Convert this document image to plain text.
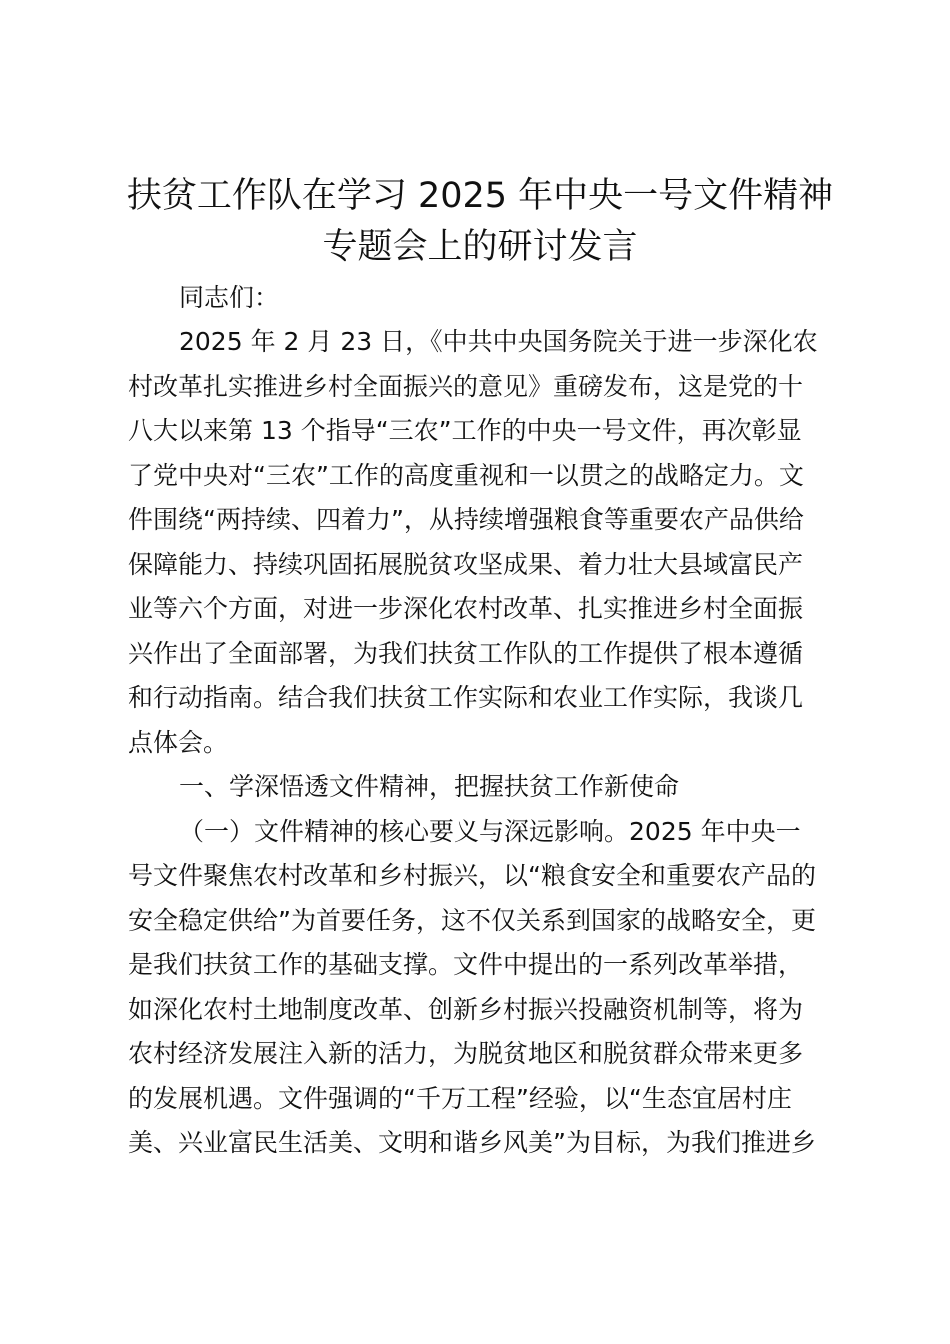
扶贫工作队在学习 2025 年中央一号文件精神
专题会上的研讨发言
同志们：
2025 年 2 月 23 日，《中共中央国务院关于进一步深化农
村改革扎实推进乡村全面振兴的意见》重磅发布，这是党的十
八大以来第 13 个指导“三农”工作的中央一号文件，再次彰显
了党中央对“三农”工作的高度重视和一以贯之的战略定力。文
件围绕“两持续、四着力”，从持续增强粮食等重要农产品供给
保障能力、持续巩固拓展脱贫攻坚成果、着力壮大县域富民产
业等六个方面，对进一步深化农村改革、扎实推进乡村全面振
兴作出了全面部署，为我们扶贫工作队的工作提供了根本遵循
和行动指南。结合我们扶贫工作实际和农业工作实际，我谈几
点体会。
一、学深悟透文件精神，把握扶贫工作新使命
（一）文件精神的核心要义与深远影响。2025 年中央一
号文件聚焦农村改革和乡村振兴，以“粮食安全和重要农产品的
安全稳定供给”为首要任务，这不仅关系到国家的战略安全，更
是我们扶贫工作的基础支撑。文件中提出的一系列改革举措，
如深化农村土地制度改革、创新乡村振兴投融资机制等，将为
农村经济发展注入新的活力，为脱贫地区和脱贫群众带来更多
的发展机遇。文件强调的“千万工程”经验，以“生态宜居村庄
美、兴业富民生活美、文明和谐乡风美”为目标，为我们推进乡
